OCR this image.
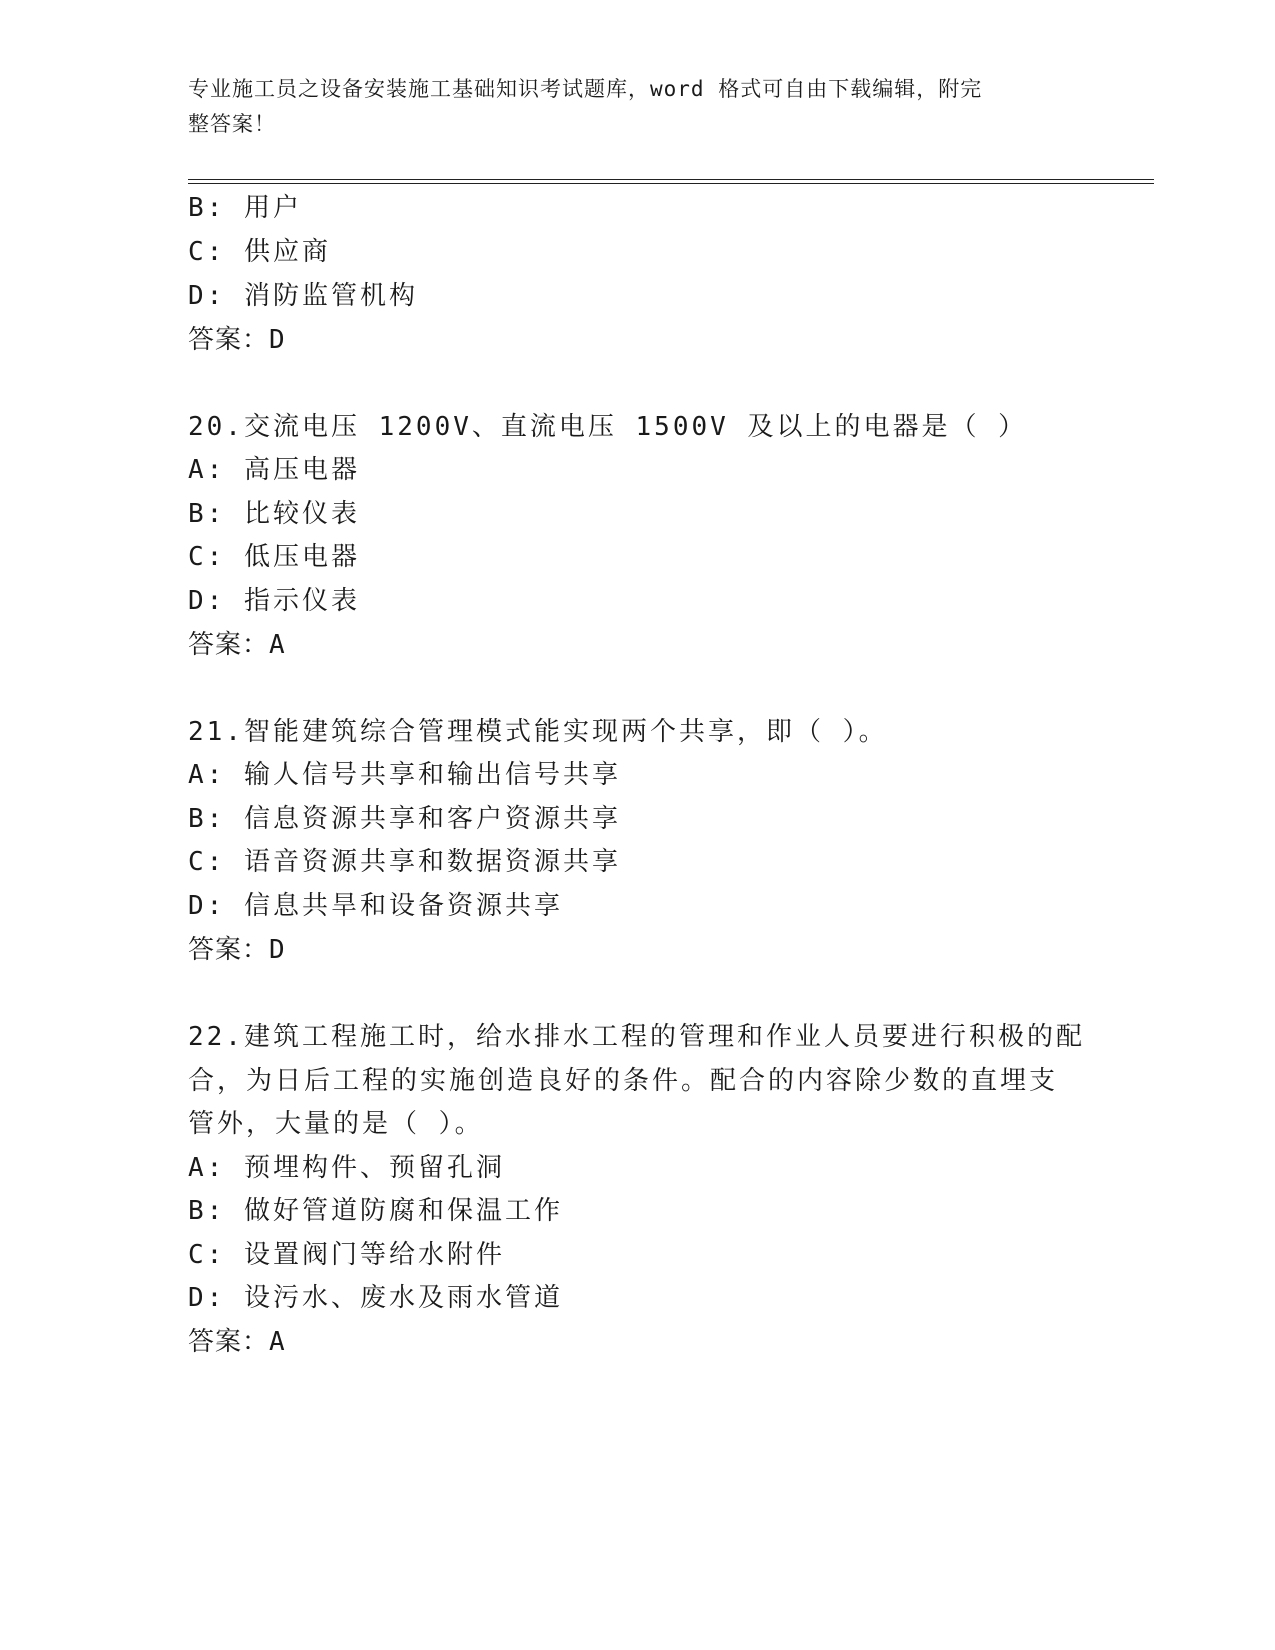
专业施工员之设备安装施工基础知识考试题库，word 格式可自由下载编辑，附完
整答案！
B: 用户
C: 供应商
D: 消防监管机构
答案：D
20.交流电压 1200V、直流电压 1500V 及以上的电器是（ ）
A: 高压电器
B: 比较仪表
C: 低压电器
D: 指示仪表
答案：A
21.智能建筑综合管理模式能实现两个共享，即（ ）。
A: 输人信号共享和输出信号共享
B: 信息资源共享和客户资源共享
C: 语音资源共享和数据资源共享
D: 信息共旱和设备资源共享
答案：D
22.建筑工程施工时，给水排水工程的管理和作业人员要进行积极的配
合，为日后工程的实施创造良好的条件。配合的内容除少数的直埋支
管外，大量的是（ ）。
A: 预埋构件、预留孔洞
B: 做好管道防腐和保温工作
C: 设置阀门等给水附件
D: 设污水、废水及雨水管道
答案：A
